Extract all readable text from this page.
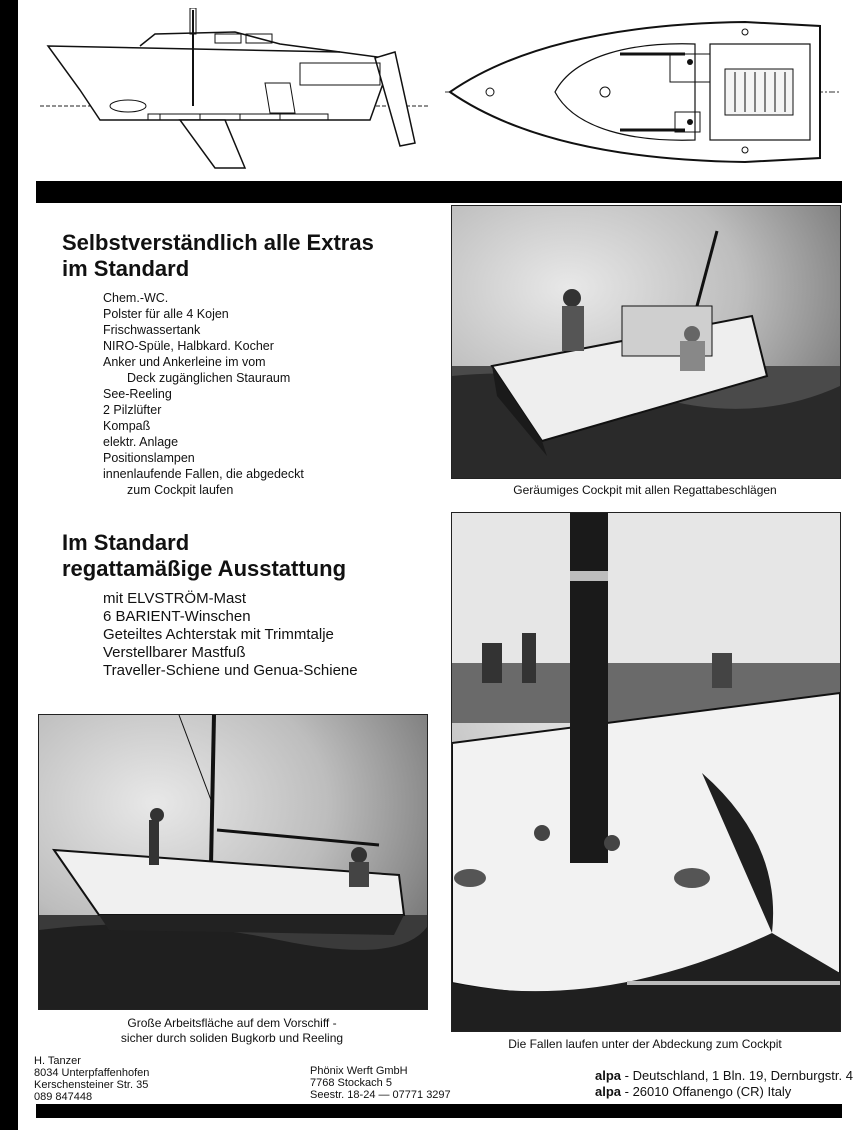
Selbstverständlich alle Extras
im Standard
Chem.-WC.
Polster für alle 4 Kojen
Frischwassertank
NIRO-Spüle, Halbkard. Kocher
Anker und Ankerleine im vom
Deck zugänglichen Stauraum
See-Reeling
2 Pilzlüfter
Kompaß
elektr. Anlage
Positionslampen
innenlaufende Fallen, die abgedeckt
zum Cockpit laufen	Geräumiges Cockpit mit allen Regattabeschlägen
Im Standard
regattamäßige Ausstattung
mit ELVSTRÖM-Mast
6 BARIENT-Winschen
Geteiltes Achterstak mit Trimmtalje
Verstellbarer Mastfuß
Traveller-Schiene und Genua-Schiene
Große Arbeitsfläche auf dem Vorschiff -
sicher durch soliden Bugkorb und Reeling	Die Fallen laufen unter der Abdeckung zum Cockpit
H. Tanzer
8034 Unterpfaffenhofen
Kerschensteiner Str. 35
089 847448
Phönix Werft GmbH
7768 Stockach 5
Seestr. 18-24 — 07771 3297
alpa - Deutschland, 1 Bln. 19, Dernburgstr. 4
alpa - 26010 Offanengo (CR) Italy
